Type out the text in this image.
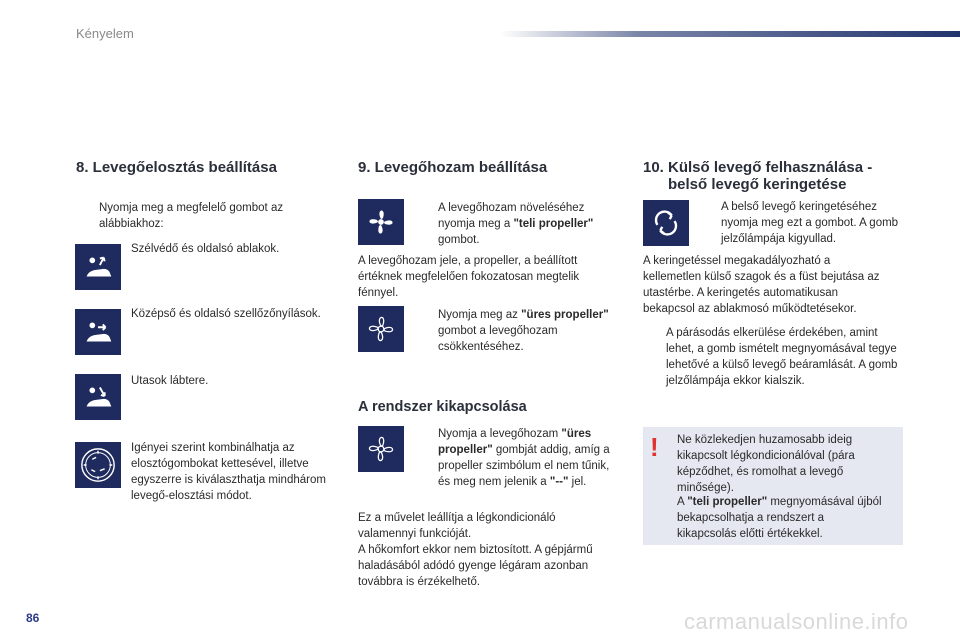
Kényelem
8. Levegőelosztás beállítása
Nyomja meg a megfelelő gombot az alábbiakhoz:
Szélvédő és oldalsó ablakok.
Középső és oldalsó szellőzőnyílások.
Utasok lábtere.
Igényei szerint kombinálhatja az elosztógombokat kettesével, illetve egyszerre is kiválaszthatja mindhárom levegő-elosztási módot.
9. Levegőhozam beállítása
A levegőhozam növeléséhez nyomja meg a "teli propeller" gombot.
A levegőhozam jele, a propeller, a beállított értéknek megfelelően fokozatosan megtelik fénnyel.
Nyomja meg az "üres propeller" gombot a levegőhozam csökkentéséhez.
A rendszer kikapcsolása
Nyomja a levegőhozam "üres propeller" gombját addig, amíg a propeller szimbólum el nem tűnik, és meg nem jelenik a "--" jel.
Ez a művelet leállítja a légkondicionáló valamennyi funkcióját.
A hőkomfort ekkor nem biztosított. A gépjármű haladásából adódó gyenge légáram azonban továbbra is érzékelhető.
10. Külső levegő felhasználása -
belső levegő keringetése
A belső levegő keringetéséhez nyomja meg ezt a gombot. A gomb jelzőlámpája kigyullad.
A keringetéssel megakadályozható a kellemetlen külső szagok és a füst bejutása az utastérbe. A keringetés automatikusan bekapcsol az ablakmosó működtetésekor.
A párásodás elkerülése érdekében, amint lehet, a gomb ismételt megnyomásával tegye lehetővé a külső levegő beáramlását. A gomb jelzőlámpája ekkor kialszik.
! Ne közlekedjen huzamosabb ideig kikapcsolt légkondicionálóval (pára képződhet, és romolhat a levegő minősége).
A "teli propeller" megnyomásával újból bekapcsolhatja a rendszert a kikapcsolás előtti értékekkel.
86	carmanualsonline.info
